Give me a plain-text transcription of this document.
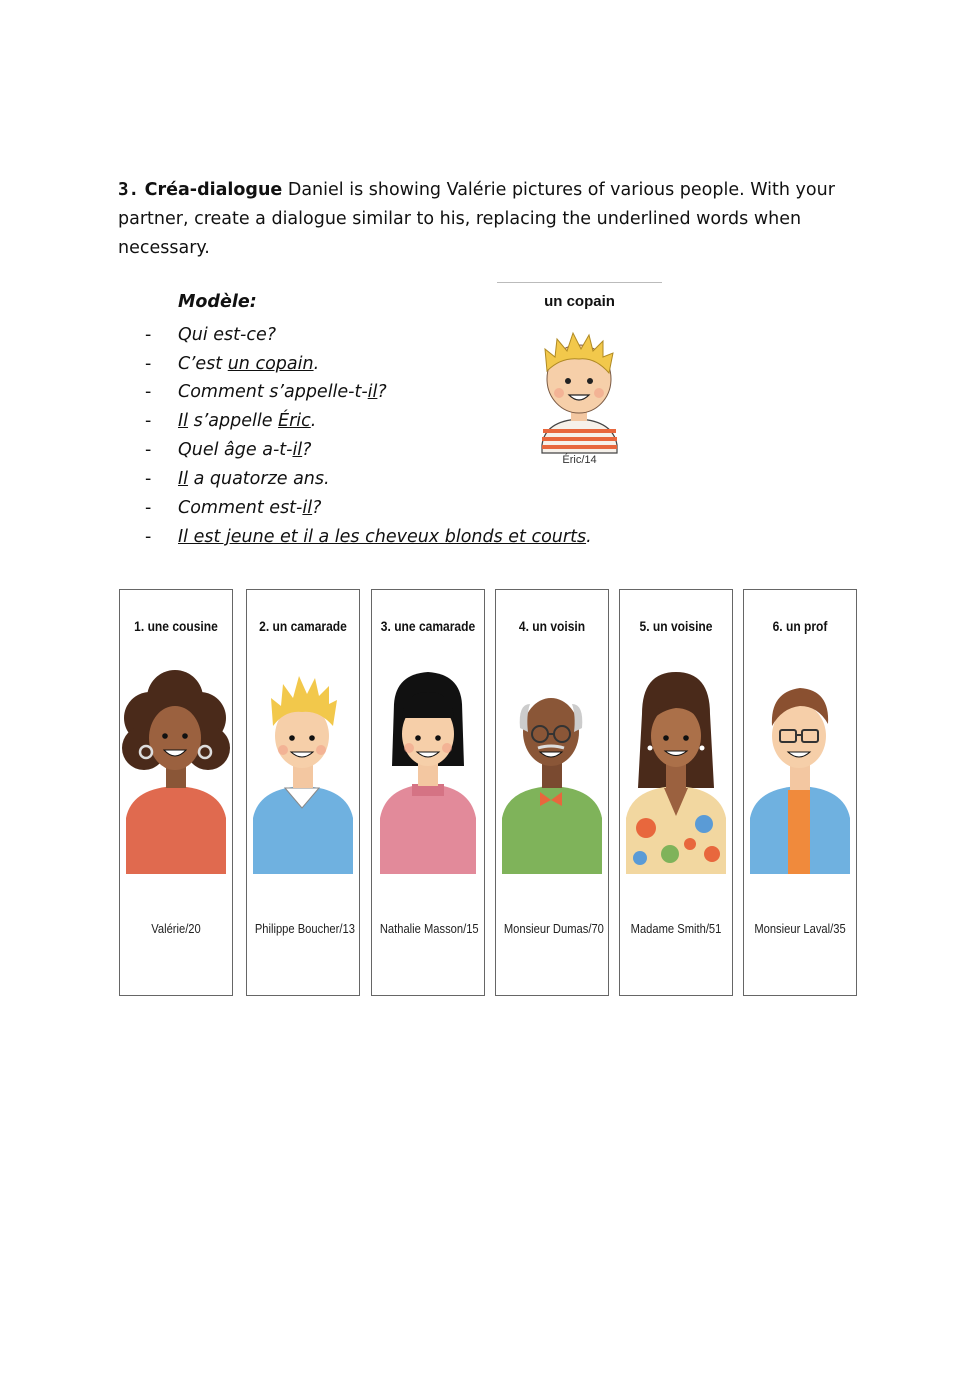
3. Créa-dialogue Daniel is showing Valérie pictures of various people. With your partner, create a dialogue similar to his, replacing the underlined words when necessary.
Modèle:
- Qui est-ce?
- C’est un copain.
- Comment s’appelle-t-il?
- Il s’appelle Éric.
- Quel âge a-t-il?
- Il a quatorze ans.
- Comment est-il?
- Il est jeune et il a les cheveux blonds et courts.
un copain
Éric/14
1. une cousine
Valérie/20
2. un camarade
Philippe Boucher/13
3. une camarade
Nathalie Masson/15
4. un voisin
Monsieur Dumas/70
5. un voisine
Madame Smith/51
6. un prof
Monsieur Laval/35
